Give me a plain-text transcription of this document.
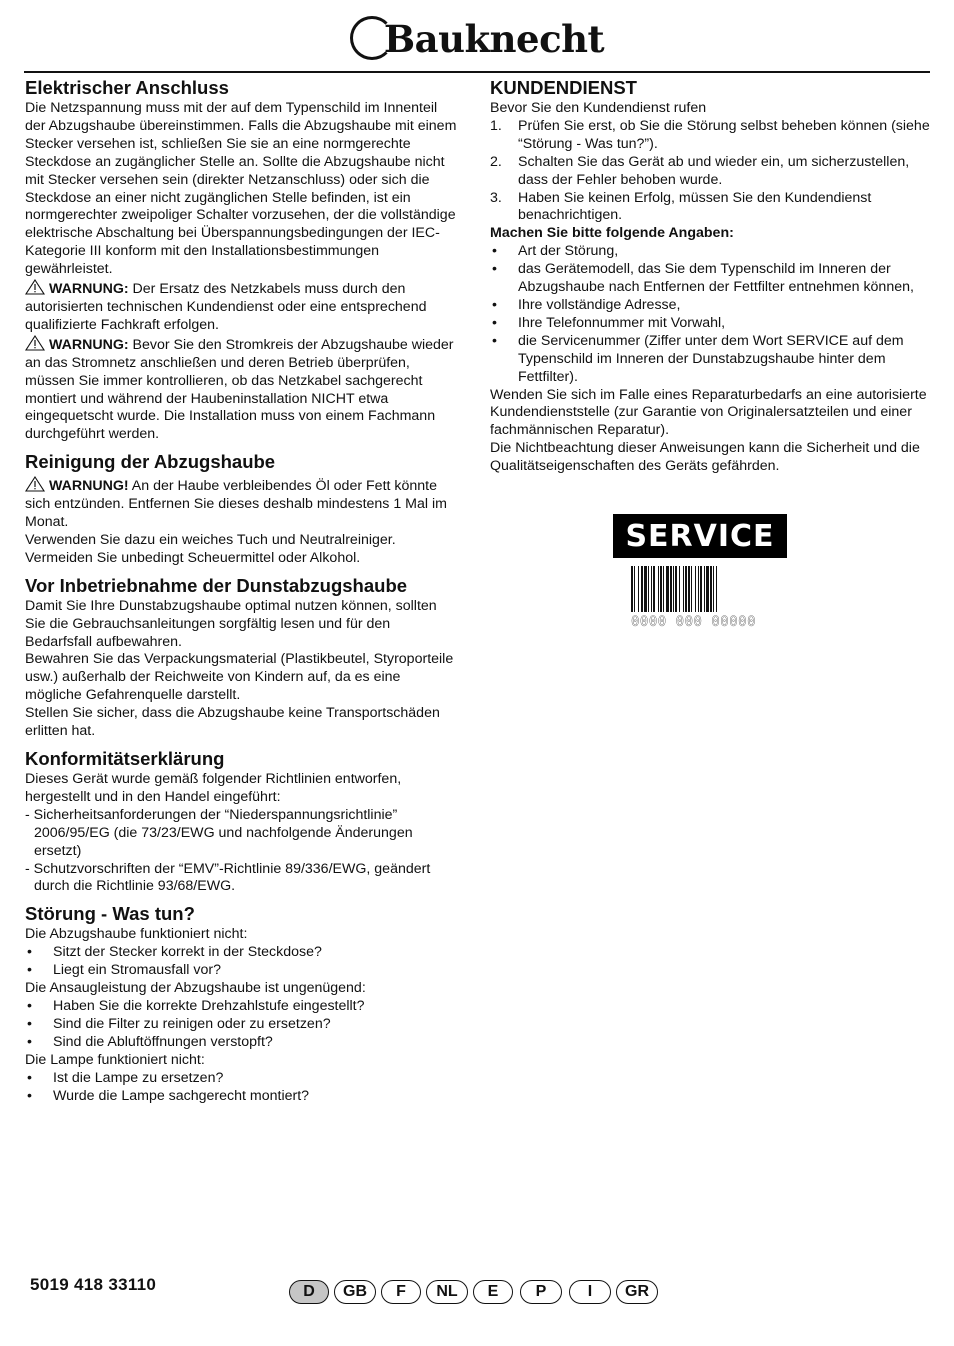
Bauknecht
Elektrischer Anschluss

Die Netzspannung muss mit der auf dem Typenschild im Innenteil der Abzugshaube übereinstimmen. Falls die Abzugshaube mit einem Stecker versehen ist, schließen Sie sie an eine normgerechte Steckdose an zugänglicher Stelle an. Sollte die Abzugshaube nicht mit Stecker versehen sein (direkter Netzanschluss) oder sich die Steckdose an einer nicht zugänglichen Stelle befinden, ist ein normgerechter zweipoliger Schalter vorzusehen, der die vollständige elektrische Abschaltung bei Überspannungsbedingungen der IEC-Kategorie III konform mit den Installationsbestimmungen gewährleistet.

WARNUNG: Der Ersatz des Netzkabels muss durch den autorisierten technischen Kundendienst oder eine entsprechend qualifizierte Fachkraft erfolgen.

WARNUNG: Bevor Sie den Stromkreis der Abzugshaube wieder an das Stromnetz anschließen und deren Betrieb überprüfen, müssen Sie immer kontrollieren, ob das Netzkabel sachgerecht montiert und während der Haubeninstallation NICHT etwa eingequetscht wurde. Die Installation muss von einem Fachmann durchgeführt werden.

Reinigung der Abzugshaube

WARNUNG! An der Haube verbleibendes Öl oder Fett könnte sich entzünden. Entfernen Sie dieses deshalb mindestens 1 Mal im Monat.

Verwenden Sie dazu ein weiches Tuch und Neutralreiniger.

Vermeiden Sie unbedingt Scheuermittel oder Alkohol.

Vor Inbetriebnahme der Dunstabzugshaube

Damit Sie Ihre Dunstabzugshaube optimal nutzen können, sollten Sie die Gebrauchsanleitungen sorgfältig lesen und für den Bedarfsfall aufbewahren.

Bewahren Sie das Verpackungsmaterial (Plastikbeutel, Styroporteile usw.) außerhalb der Reichweite von Kindern auf, da es eine mögliche Gefahrenquelle darstellt.

Stellen Sie sicher, dass die Abzugshaube keine Transportschäden erlitten hat.

Konformitätserklärung

Dieses Gerät wurde gemäß folgender Richtlinien entworfen, hergestellt und in den Handel eingeführt:

- Sicherheitsanforderungen der “Niederspannungsrichtlinie” 2006/95/EG (die 73/23/EWG und nachfolgende Änderungen ersetzt)
- Schutzvorschriften der “EMV”-Richtlinie 89/336/EWG, geändert durch die Richtlinie 93/68/EWG.
Störung - Was tun?

Die Abzugshaube funktioniert nicht:

• Sitzt der Stecker korrekt in der Steckdose?
• Liegt ein Stromausfall vor?

Die Ansaugleistung der Abzugshaube ist ungenügend:

• Haben Sie die korrekte Drehzahlstufe eingestellt?
• Sind die Filter zu reinigen oder zu ersetzen?
• Sind die Abluftöffnungen verstopft?

Die Lampe funktioniert nicht:

• Ist die Lampe zu ersetzen?
• Wurde die Lampe sachgerecht montiert?
KUNDENDIENST

Bevor Sie den Kundendienst rufen

1. Prüfen Sie erst, ob Sie die Störung selbst beheben können (siehe “Störung - Was tun?”).
2. Schalten Sie das Gerät ab und wieder ein, um sicherzustellen, dass der Fehler behoben wurde.
3. Haben Sie keinen Erfolg, müssen Sie den Kundendienst benachrichtigen.

Machen Sie bitte folgende Angaben:

• Art der Störung,
• das Gerätemodell, das Sie dem Typenschild im Inneren der Abzugshaube nach Entfernen der Fettfilter entnehmen können,
• Ihre vollständige Adresse,
• Ihre Telefonnummer mit Vorwahl,
• die Servicenummer (Ziffer unter dem Wort SERVICE auf dem Typenschild im Inneren der Dunstabzugshaube hinter dem Fettfilter).

Wenden Sie sich im Falle eines Reparaturbedarfs an eine autorisierte Kundendienststelle (zur Garantie von Originalersatzteilen und einer fachmännischen Reparatur).

Die Nichtbeachtung dieser Anweisungen kann die Sicherheit und die Qualitätseigenschaften des Geräts gefährden.

SERVICE
0000 000 00000
5019 418 33110	D	GB	F	NL	E	P	I	GR
